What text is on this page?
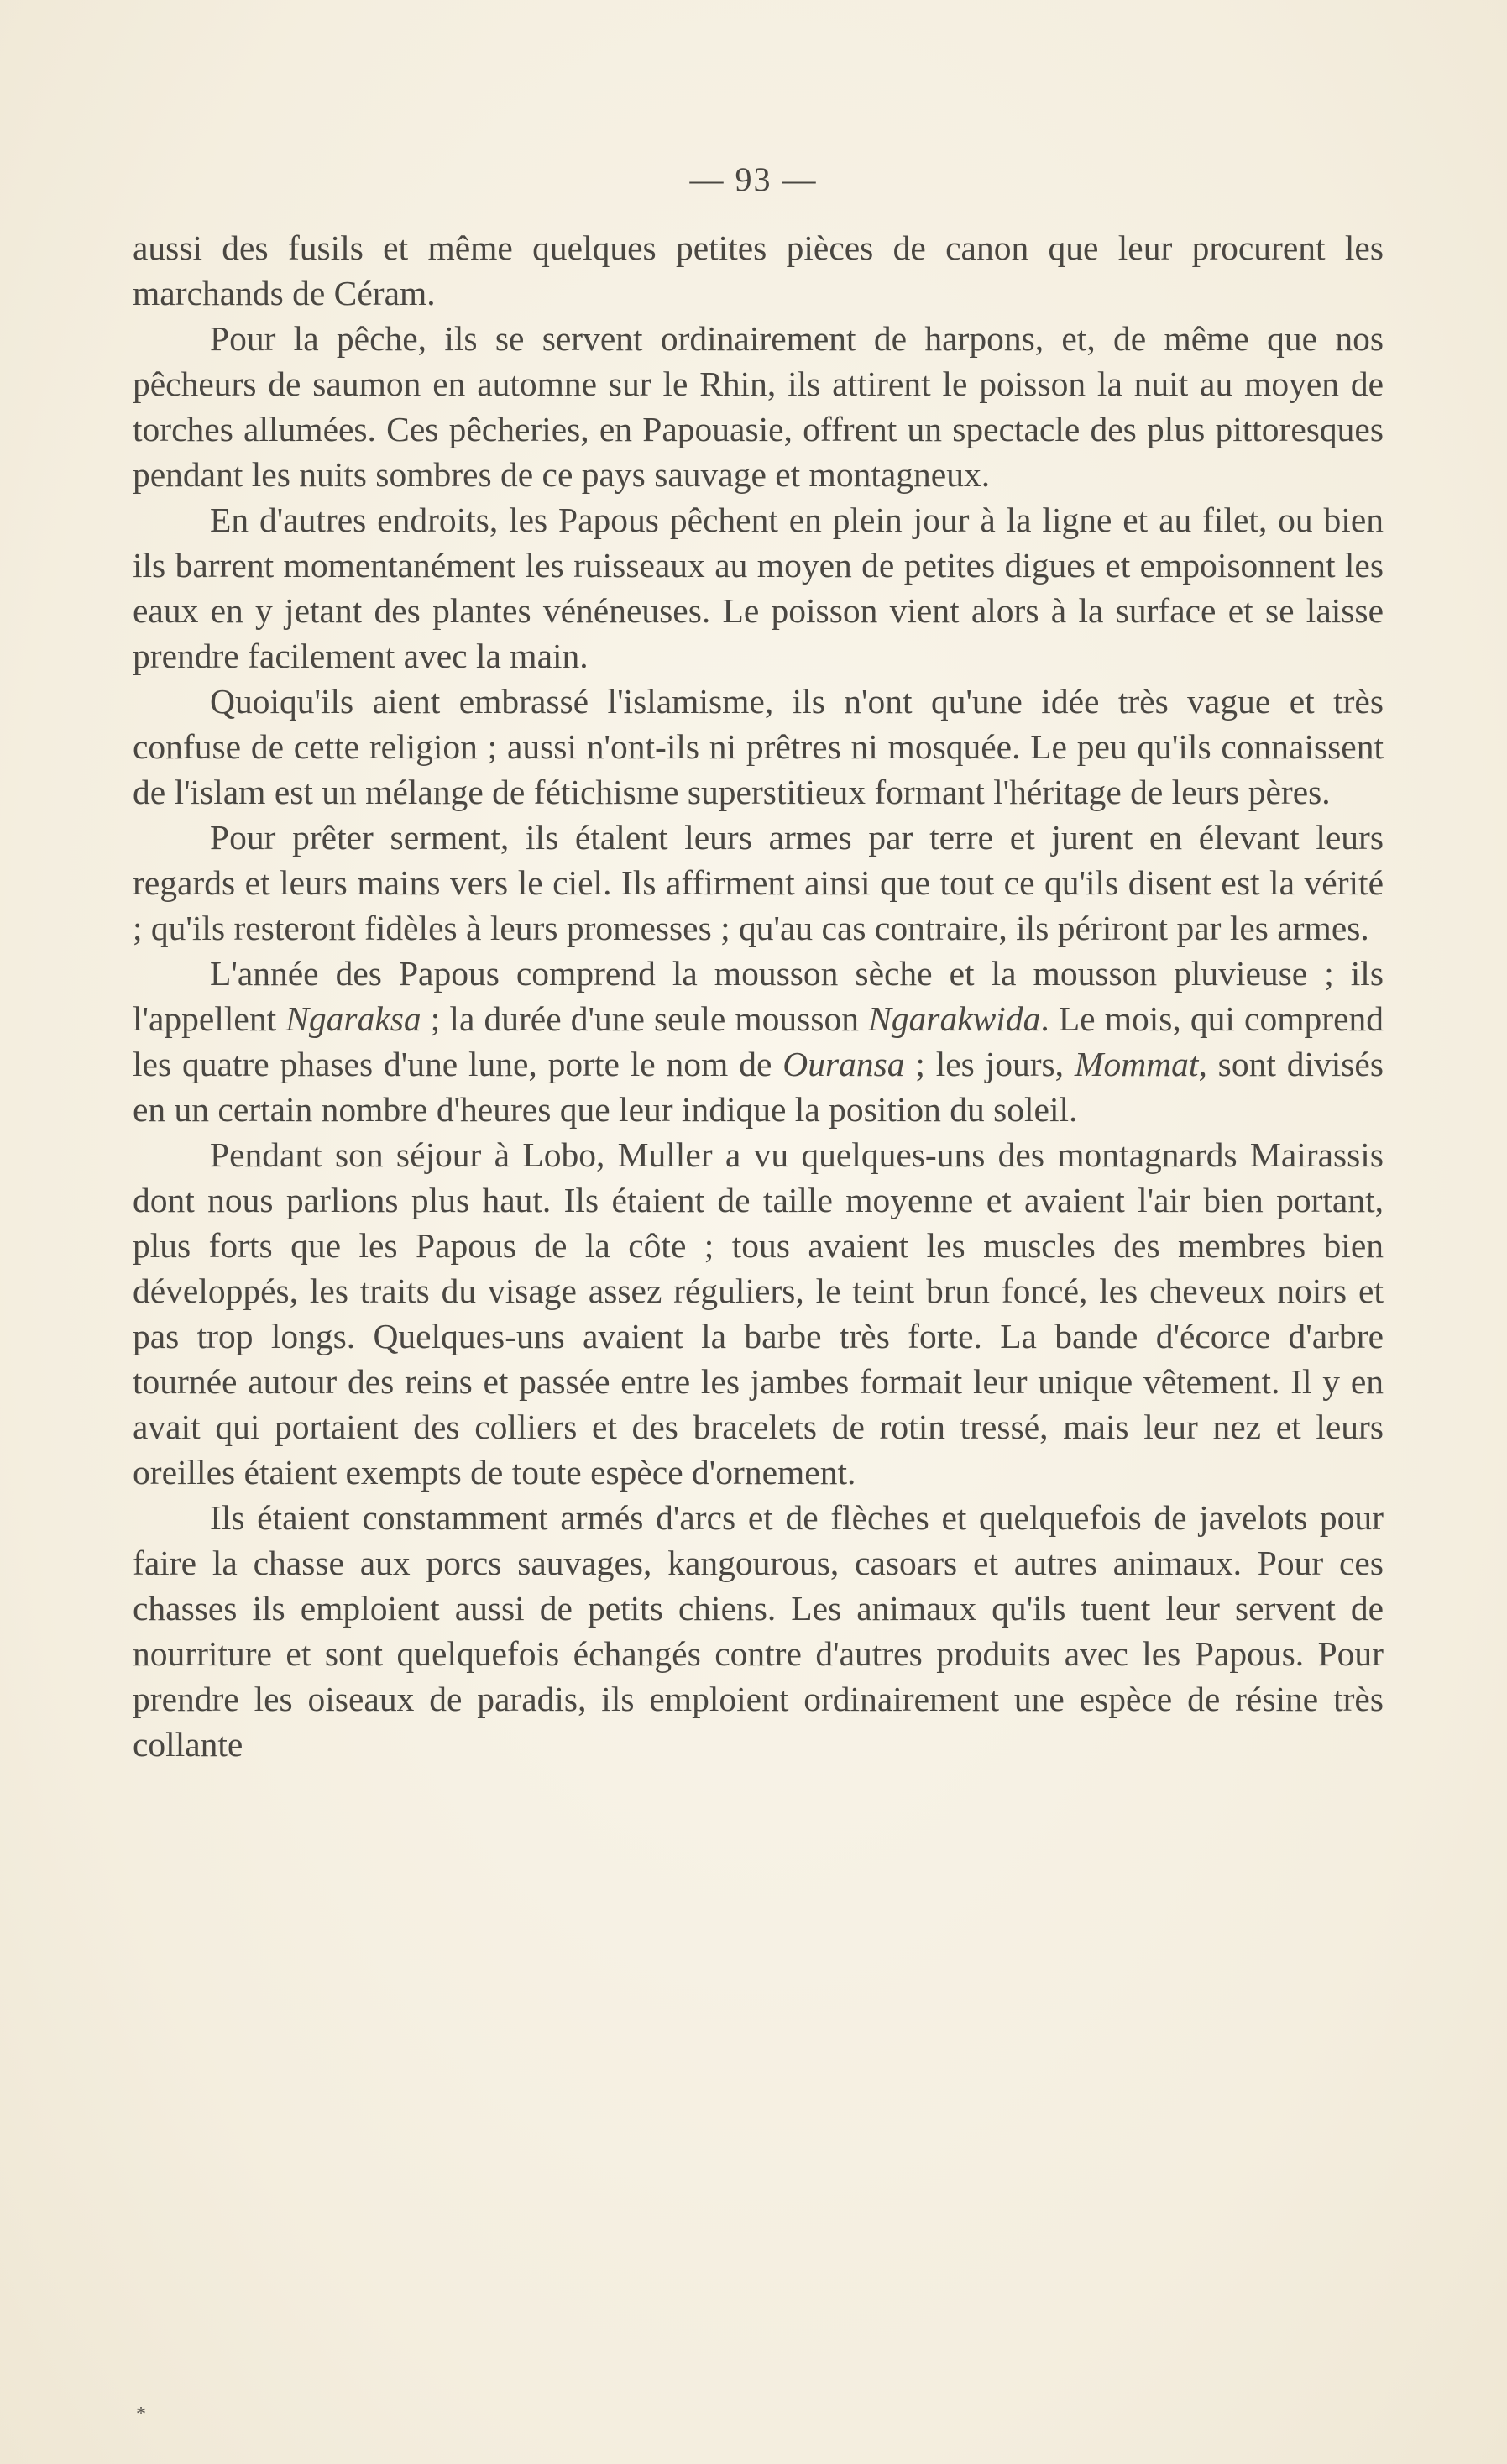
— 93 —

aussi des fusils et même quelques petites pièces de canon que leur procurent les marchands de Céram.

Pour la pêche, ils se servent ordinairement de harpons, et, de même que nos pêcheurs de saumon en automne sur le Rhin, ils attirent le poisson la nuit au moyen de torches allumées. Ces pêcheries, en Papouasie, offrent un spectacle des plus pittoresques pendant les nuits sombres de ce pays sauvage et montagneux.

En d'autres endroits, les Papous pêchent en plein jour à la ligne et au filet, ou bien ils barrent momentanément les ruisseaux au moyen de petites digues et empoisonnent les eaux en y jetant des plantes vénéneuses. Le poisson vient alors à la surface et se laisse prendre facilement avec la main.

Quoiqu'ils aient embrassé l'islamisme, ils n'ont qu'une idée très vague et très confuse de cette religion ; aussi n'ont-ils ni prêtres ni mosquée. Le peu qu'ils connaissent de l'islam est un mélange de fétichisme superstitieux formant l'héritage de leurs pères.

Pour prêter serment, ils étalent leurs armes par terre et jurent en élevant leurs regards et leurs mains vers le ciel. Ils affirment ainsi que tout ce qu'ils disent est la vérité ; qu'ils resteront fidèles à leurs promesses ; qu'au cas contraire, ils périront par les armes.

L'année des Papous comprend la mousson sèche et la mousson pluvieuse ; ils l'appellent Ngaraksa ; la durée d'une seule mousson Ngarakwida. Le mois, qui comprend les quatre phases d'une lune, porte le nom de Ouransa ; les jours, Mommat, sont divisés en un certain nombre d'heures que leur indique la position du soleil.

Pendant son séjour à Lobo, Muller a vu quelques-uns des montagnards Mairassis dont nous parlions plus haut. Ils étaient de taille moyenne et avaient l'air bien portant, plus forts que les Papous de la côte ; tous avaient les muscles des membres bien développés, les traits du visage assez réguliers, le teint brun foncé, les cheveux noirs et pas trop longs. Quelques-uns avaient la barbe très forte. La bande d'écorce d'arbre tournée autour des reins et passée entre les jambes formait leur unique vêtement. Il y en avait qui portaient des colliers et des bracelets de rotin tressé, mais leur nez et leurs oreilles étaient exempts de toute espèce d'ornement.

Ils étaient constamment armés d'arcs et de flèches et quelquefois de javelots pour faire la chasse aux porcs sauvages, kangourous, casoars et autres animaux. Pour ces chasses ils emploient aussi de petits chiens. Les animaux qu'ils tuent leur servent de nourriture et sont quelquefois échangés contre d'autres produits avec les Papous. Pour prendre les oiseaux de paradis, ils emploient ordinairement une espèce de résine très collante

*
